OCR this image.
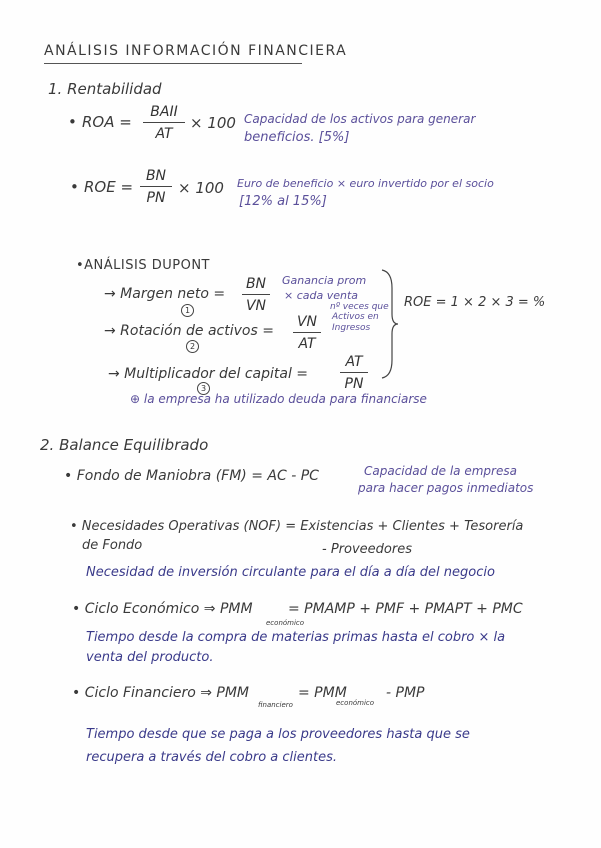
ANÁLISIS INFORMACIÓN FINANCIERA
1. Rentabilidad
• ROA =
BAII
AT
× 100 Capacidad de los activos para generar
beneficios. [5%]
• ROE = $\frac{BN}{PN} \times 100$ Euro de beneficio × euro invertido por el socio
[12% al 15%]
•ANÁLISIS DUPONT
→ Margen neto = $\frac{BN}{VN}$
1
Ganancia prom
× cada venta
→ Rotación de activos = $\frac{VN}{AT}$
2
nº veces que
Activos en
Ingresos
→ Multiplicador del capital = $\frac{AT}{PN}$
3
⊕ la empresa ha utilizado deuda para financiarse
ROE = 1 × 2 × 3 = %
2. Balance Equilibrado
• Fondo de Maniobra (FM) = AC - PC	Capacidad de la empresa
para hacer pagos inmediatos
• Necesidades Operativas (NOF) = Existencias + Clientes + Tesorería
de Fondo	- Proveedores
Necesidad de inversión circulante para el día a día del negocio
• Ciclo Económico ⇒ PMM
económico
= PMAMP + PMF + PMAPT + PMC
Tiempo desde la compra de materias primas hasta el cobro × la
venta del producto.
• Ciclo Financiero ⇒ PMM
financiero
= PMM
económico
- PMP
Tiempo desde que se paga a los proveedores hasta que se
recupera a través del cobro a clientes.
